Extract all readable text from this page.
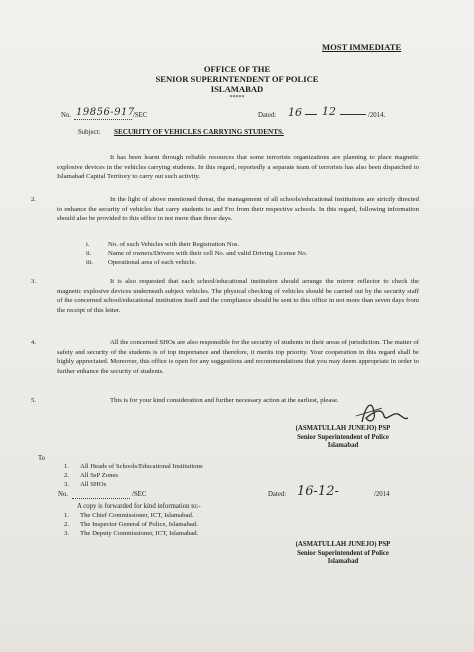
MOST IMMEDIATE
OFFICE OF THE
SENIOR SUPERINTENDENT OF POLICE
ISLAMABAD
*****
No. 19856-917
/SEC	Dated: 16 12	/2014.
Subject: SECURITY OF VEHICLES CARRYING STUDENTS.
It has been learnt through reliable resources that some terrorists organizations are planning to place magnetic explosive devices in the vehicles carrying students. In this regard, reportedly a separate team of terrorists has also been dispatched to Islamabad Capital Territory to carry out such activity.
2.	In the light of above mentioned threat, the management of all schools/educational institutions are strictly directed to enhance the security of vehicles that carry students to and Fro from their respective schools. In this regard, following information should also be provided to this office in not more than three days.
i.	No. of such Vehicles with their Registration Nos.
ii. Name of owners/Drivers with their cell No. and valid Driving License No.
iii. Operational area of each vehicle.
3.	It is also requested that each school/educational institution should arrange the mirror reflector to check the magnetic explosive devices underneath subject vehicles. The physical checking of vehicles should be carried out by the security staff of the concerned school/educational institution itself and the compliance should be sent to this office in not more than seven days from the receipt of this letter.
4.	All the concerned SHOs are also responsible for the security of students in their areas of jurisdiction. The matter of safety and security of the students is of top importance and therefore, it merits top priority. Your cooperation in this regard shall be highly appreciated. Moreover, this office is open for any suggestions and recommendations that you may deem appropriate in order to further enhance the security of students.
5.	This is for your kind consideration and further necessary action at the earliest, please.
(ASMATULLAH JUNEJO) PSP
Senior Superintendent of Police
Islamabad
To
1. All Heads of Schools/Educational Institutions
2. All SsP Zones
3. All SHOs
No.	/SEC	Dated: 16-12-	/2014
A copy is forwarded for kind information to:-
1. The Chief Commissioner, ICT, Islamabad.
2. The Inspector General of Police, Islamabad.
3. The Deputy Commissioner, ICT, Islamabad.
(ASMATULLAH JUNEJO) PSP
Senior Superintendent of Police
Islamabad
